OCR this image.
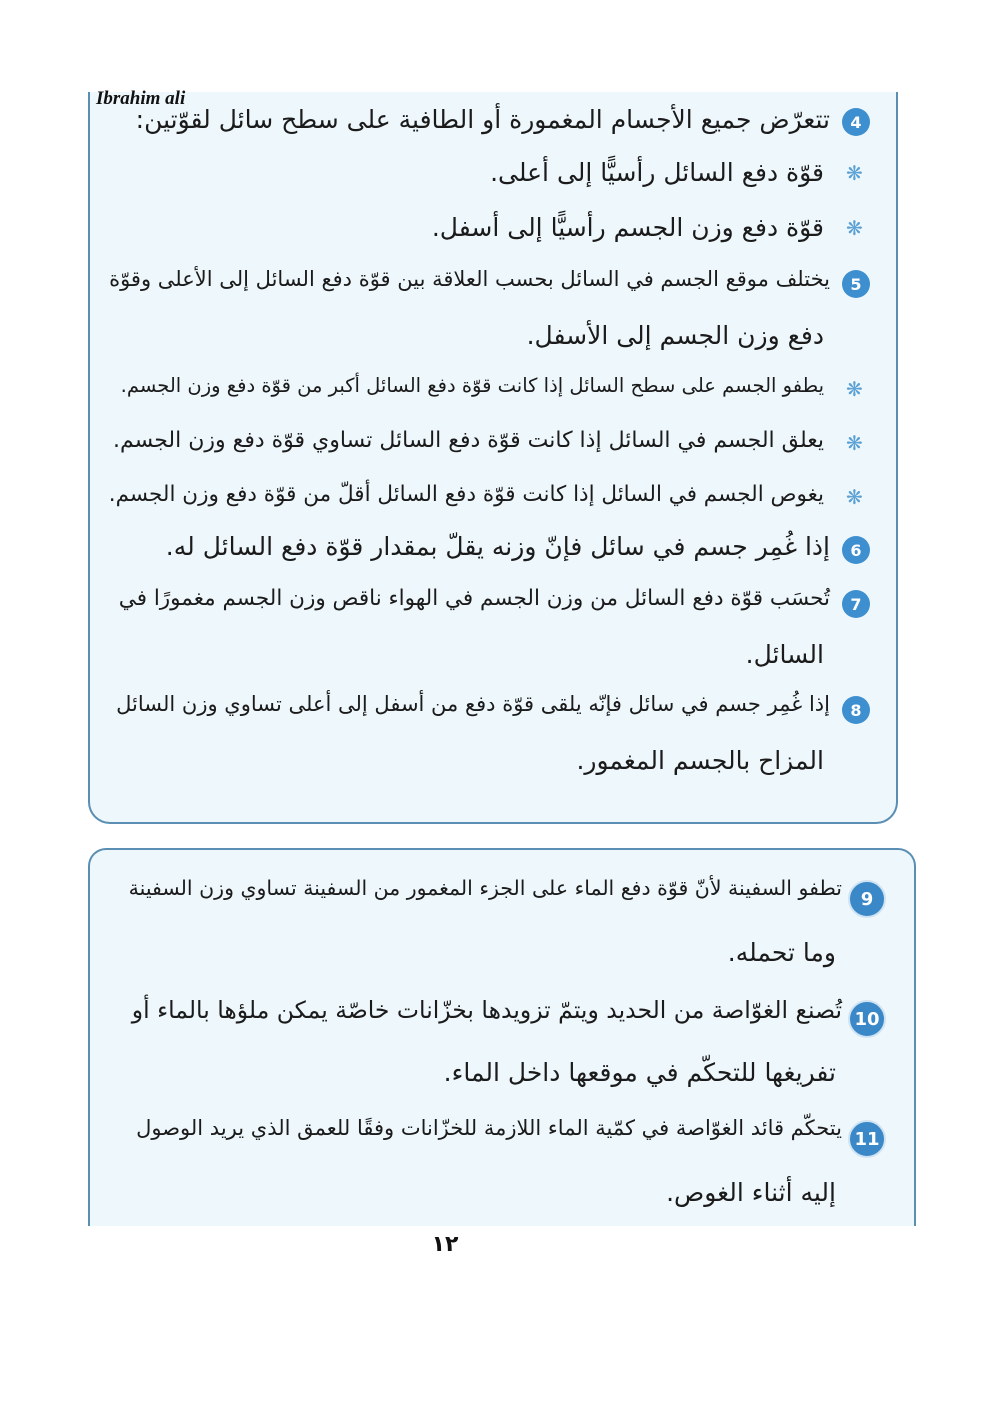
Ibrahim ali
4
تتعرّض جميع الأجسام المغمورة أو الطافية على سطح سائل لقوّتين:
❋
قوّة دفع السائل رأسيًّا إلى أعلى.
❋
قوّة دفع وزن الجسم رأسيًّا إلى أسفل.
5
يختلف موقع الجسم في السائل بحسب العلاقة بين قوّة دفع السائل إلى الأعلى وقوّة
دفع وزن الجسم إلى الأسفل.
❋
يطفو الجسم على سطح السائل إذا كانت قوّة دفع السائل أكبر من قوّة دفع وزن الجسم.
❋
يعلق الجسم في السائل إذا كانت قوّة دفع السائل تساوي قوّة دفع وزن الجسم.
❋
يغوص الجسم في السائل إذا كانت قوّة دفع السائل أقلّ من قوّة دفع وزن الجسم.
6
إذا غُمِر جسم في سائل فإنّ وزنه يقلّ بمقدار قوّة دفع السائل له.
7
تُحسَب قوّة دفع السائل من وزن الجسم في الهواء ناقص وزن الجسم مغمورًا في
السائل.
8
إذا غُمِر جسم في سائل فإنّه يلقى قوّة دفع من أسفل إلى أعلى تساوي وزن السائل
المزاح بالجسم المغمور.
9
تطفو السفينة لأنّ قوّة دفع الماء على الجزء المغمور من السفينة تساوي وزن السفينة
وما تحمله.
10
تُصنع الغوّاصة من الحديد ويتمّ تزويدها بخزّانات خاصّة يمكن ملؤها بالماء أو
تفريغها للتحكّم في موقعها داخل الماء.
11
يتحكّم قائد الغوّاصة في كمّية الماء اللازمة للخزّانات وفقًا للعمق الذي يريد الوصول
إليه أثناء الغوص.
١٢
